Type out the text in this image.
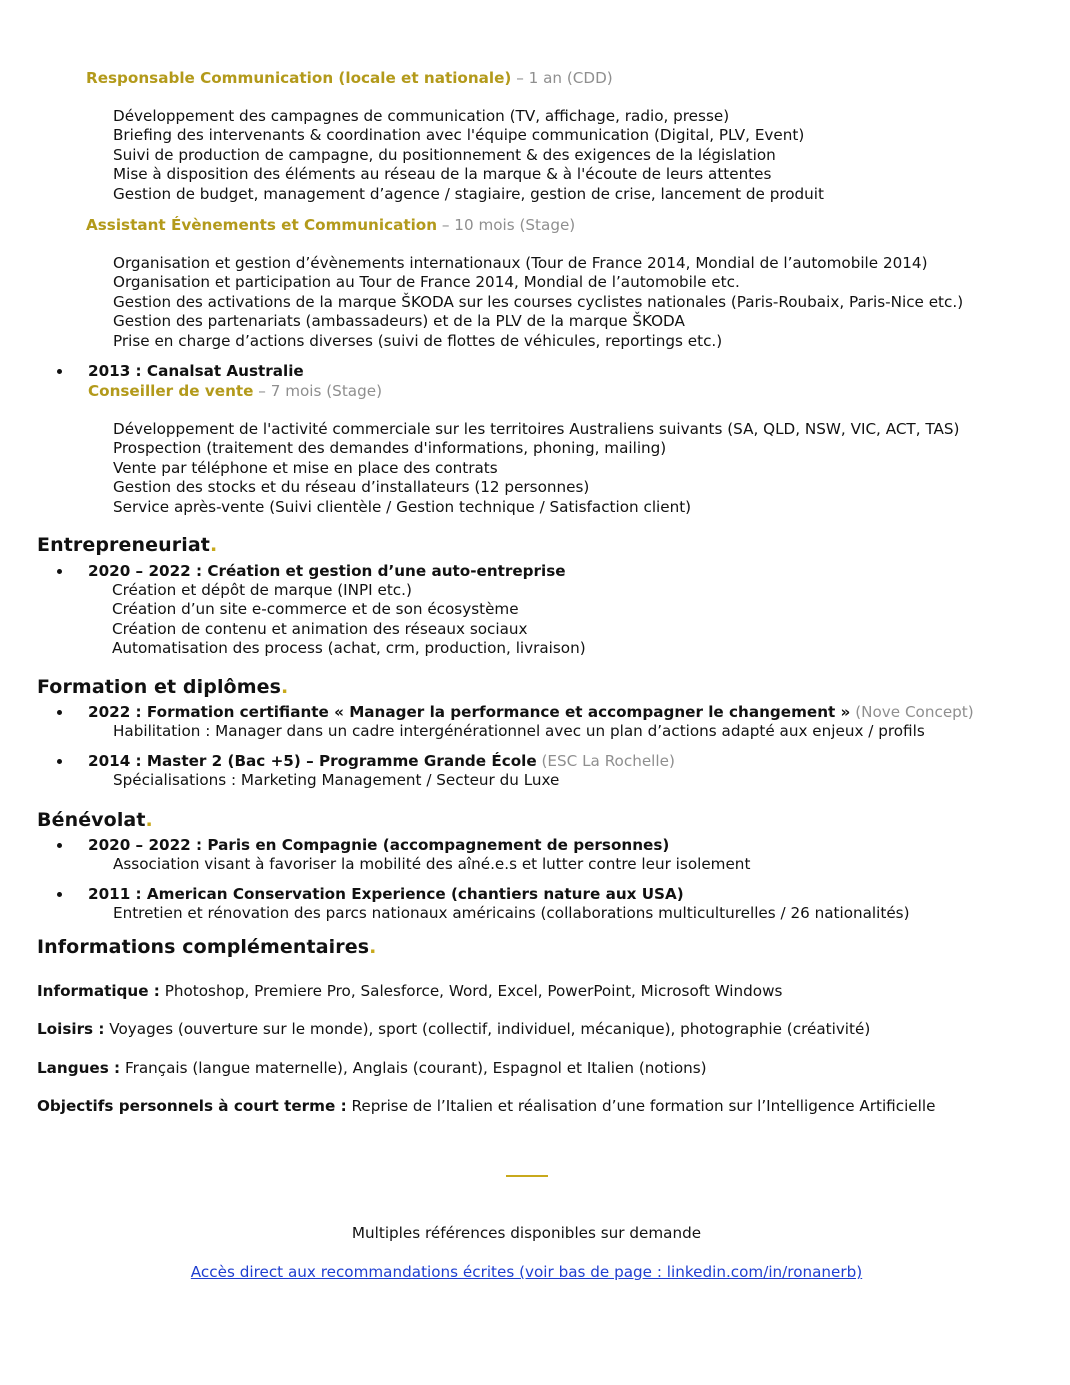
Responsable Communication (locale et nationale) – 1 an (CDD)
Développement des campagnes de communication (TV, affichage, radio, presse)
Briefing des intervenants & coordination avec l'équipe communication (Digital, PLV, Event)
Suivi de production de campagne, du positionnement & des exigences de la législation
Mise à disposition des éléments au réseau de la marque & à l'écoute de leurs attentes
Gestion de budget, management d’agence / stagiaire, gestion de crise, lancement de produit
Assistant Évènements et Communication – 10 mois (Stage)
Organisation et gestion d’évènements internationaux (Tour de France 2014, Mondial de l’automobile 2014)
Organisation et participation au Tour de France 2014, Mondial de l’automobile etc.
Gestion des activations de la marque ŠKODA sur les courses cyclistes nationales (Paris-Roubaix, Paris-Nice etc.)
Gestion des partenariats (ambassadeurs) et de la PLV de la marque ŠKODA
Prise en charge d’actions diverses (suivi de flottes de véhicules, reportings etc.)
2013 : Canalsat Australie
Conseiller de vente – 7 mois (Stage)
Développement de l'activité commerciale sur les territoires Australiens suivants (SA, QLD, NSW, VIC, ACT, TAS)
Prospection (traitement des demandes d'informations, phoning, mailing)
Vente par téléphone et mise en place des contrats
Gestion des stocks et du réseau d’installateurs (12 personnes)
Service après-vente (Suivi clientèle / Gestion technique / Satisfaction client)
Entrepreneuriat.
2020 – 2022 : Création et gestion d’une auto-entreprise
Création et dépôt de marque (INPI etc.)
Création d’un site e-commerce et de son écosystème
Création de contenu et animation des réseaux sociaux
Automatisation des process (achat, crm, production, livraison)
Formation et diplômes.
2022 : Formation certifiante « Manager la performance et accompagner le changement » (Nove Concept)
Habilitation : Manager dans un cadre intergénérationnel avec un plan d’actions adapté aux enjeux / profils
2014 : Master 2 (Bac +5) – Programme Grande École (ESC La Rochelle)
Spécialisations : Marketing Management / Secteur du Luxe
Bénévolat.
2020 – 2022 : Paris en Compagnie (accompagnement de personnes)
Association visant à favoriser la mobilité des aîné.e.s et lutter contre leur isolement
2011 : American Conservation Experience (chantiers nature aux USA)
Entretien et rénovation des parcs nationaux américains (collaborations multiculturelles / 26 nationalités)
Informations complémentaires.
Informatique : Photoshop, Premiere Pro, Salesforce, Word, Excel, PowerPoint, Microsoft Windows
Loisirs : Voyages (ouverture sur le monde), sport (collectif, individuel, mécanique), photographie (créativité)
Langues : Français (langue maternelle), Anglais (courant), Espagnol et Italien (notions)
Objectifs personnels à court terme : Reprise de l’Italien et réalisation d’une formation sur l’Intelligence Artificielle
Multiples références disponibles sur demande
Accès direct aux recommandations écrites (voir bas de page : linkedin.com/in/ronanerb)
